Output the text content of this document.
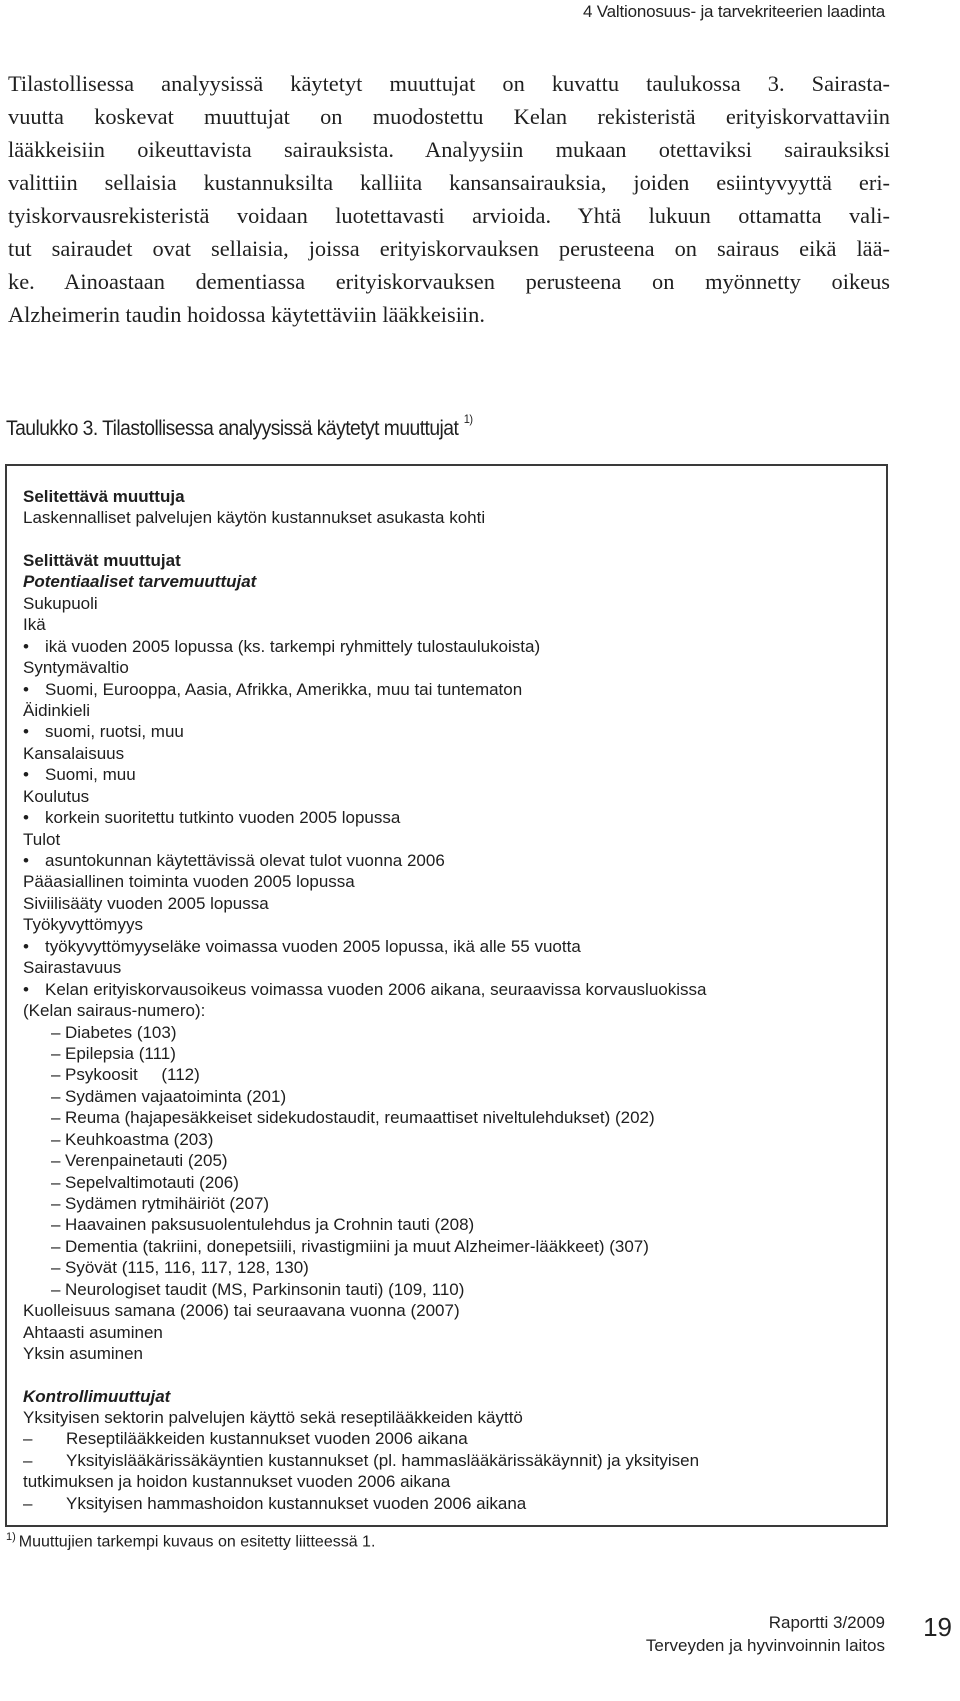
4 Valtionosuus- ja tarvekriteerien laadinta
Tilastollisessa analyysissä käytetyt muuttujat on kuvattu taulukossa 3. Sairasta-
vuutta koskevat muuttujat on muodostettu Kelan rekisteristä erityiskorvattaviin
lääkkeisiin oikeuttavista sairauksista. Analyysiin mukaan otettaviksi sairauksiksi
valittiin sellaisia kustannuksilta kalliita kansansairauksia, joiden esiintyvyyttä eri-
tyiskorvausrekisteristä voidaan luotettavasti arvioida. Yhtä lukuun ottamatta vali-
tut sairaudet ovat sellaisia, joissa erityiskorvauksen perusteena on sairaus eikä lää-
ke. Ainoastaan dementiassa erityiskorvauksen perusteena on myönnetty oikeus
Alzheimerin taudin hoidossa käytettäviin lääkkeisiin.
Taulukko 3. Tilastollisessa analyysissä käytetyt muuttujat $^{1)}$
Selitettävä muuttuja
Laskennalliset palvelujen käytön kustannukset asukasta kohti
Selittävät muuttujat
Potentiaaliset tarvemuuttujat
Sukupuoli
Ikä
• ikä vuoden 2005 lopussa (ks. tarkempi ryhmittely tulostaulukoista)
Syntymävaltio
• Suomi, Eurooppa, Aasia, Afrikka, Amerikka, muu tai tuntematon
Äidinkieli
• suomi, ruotsi, muu
Kansalaisuus
• Suomi, muu
Koulutus
• korkein suoritettu tutkinto vuoden 2005 lopussa
Tulot
• asuntokunnan käytettävissä olevat tulot vuonna 2006
Pääasiallinen toiminta vuoden 2005 lopussa
Siviilisääty vuoden 2005 lopussa
Työkyvyttömyys
• työkyvyttömyyseläke voimassa vuoden 2005 lopussa, ikä alle 55 vuotta
Sairastavuus
• Kelan erityiskorvausoikeus voimassa vuoden 2006 aikana, seuraavissa korvausluokissa
(Kelan sairaus-numero):
– Diabetes (103)
– Epilepsia (111)
– Psykoosit     (112)
– Sydämen vajaatoiminta (201)
– Reuma (hajapesäkkeiset sidekudostaudit, reumaattiset niveltulehdukset) (202)
– Keuhkoastma (203)
– Verenpainetauti (205)
– Sepelvaltimotauti (206)
– Sydämen rytmihäiriöt (207)
– Haavainen paksusuolentulehdus ja Crohnin tauti (208)
– Dementia (takriini, donepetsiili, rivastigmiini ja muut Alzheimer-lääkkeet) (307)
– Syövät (115, 116, 117, 128, 130)
– Neurologiset taudit (MS, Parkinsonin tauti) (109, 110)
Kuolleisuus samana (2006) tai seuraavana vuonna (2007)
Ahtaasti asuminen
Yksin asuminen
Kontrollimuuttujat
Yksityisen sektorin palvelujen käyttö sekä reseptilääkkeiden käyttö
–	Reseptilääkkeiden kustannukset vuoden 2006 aikana
–	Yksityislääkärissäkäyntien kustannukset (pl. hammaslääkärissäkäynnit) ja yksityisen
tutkimuksen ja hoidon kustannukset vuoden 2006 aikana
–	Yksityisen hammashoidon kustannukset vuoden 2006 aikana
$^{1)}$ Muuttujien tarkempi kuvaus on esitetty liitteessä 1.
Raportti 3/2009
Terveyden ja hyvinvoinnin laitos
19
